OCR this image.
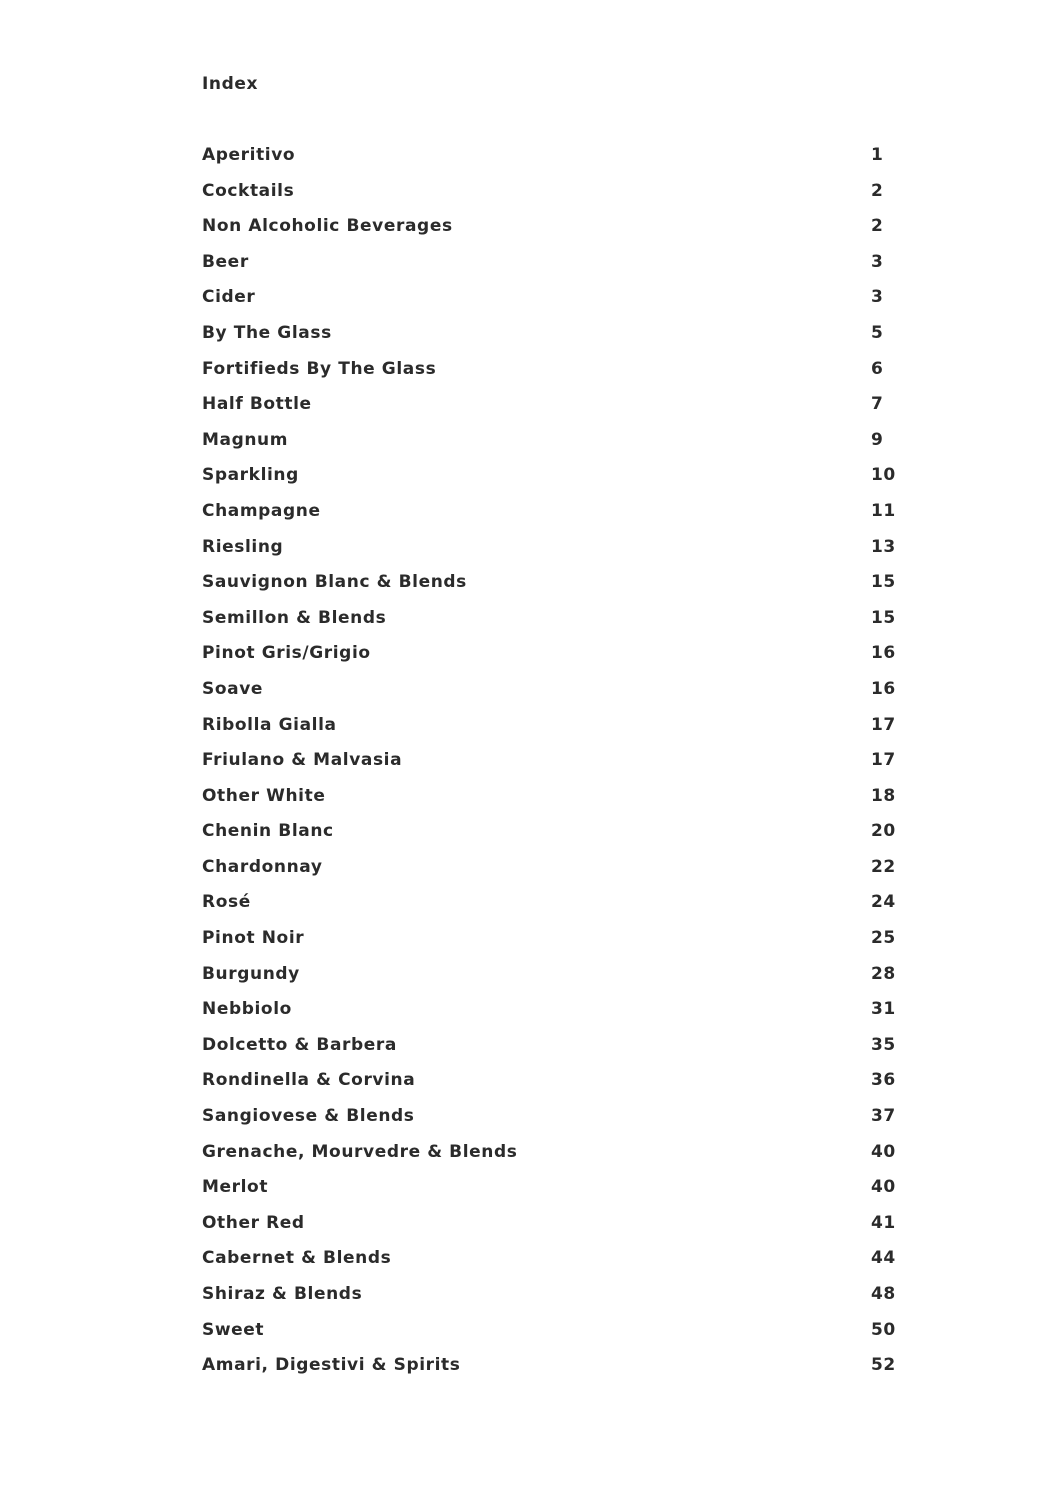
Index
Aperitivo	1
Cocktails	2
Non Alcoholic Beverages	2
Beer	3
Cider	3
By The Glass	5
Fortifieds By The Glass	6
Half Bottle	7
Magnum	9
Sparkling	10
Champagne	11
Riesling	13
Sauvignon Blanc & Blends	15
Semillon & Blends	15
Pinot Gris/Grigio	16
Soave	16
Ribolla Gialla	17
Friulano & Malvasia	17
Other White	18
Chenin Blanc	20
Chardonnay	22
Rosé	24
Pinot Noir	25
Burgundy	28
Nebbiolo	31
Dolcetto & Barbera	35
Rondinella & Corvina	36
Sangiovese & Blends	37
Grenache, Mourvedre & Blends	40
Merlot	40
Other Red	41
Cabernet & Blends	44
Shiraz & Blends	48
Sweet	50
Amari, Digestivi & Spirits	52
